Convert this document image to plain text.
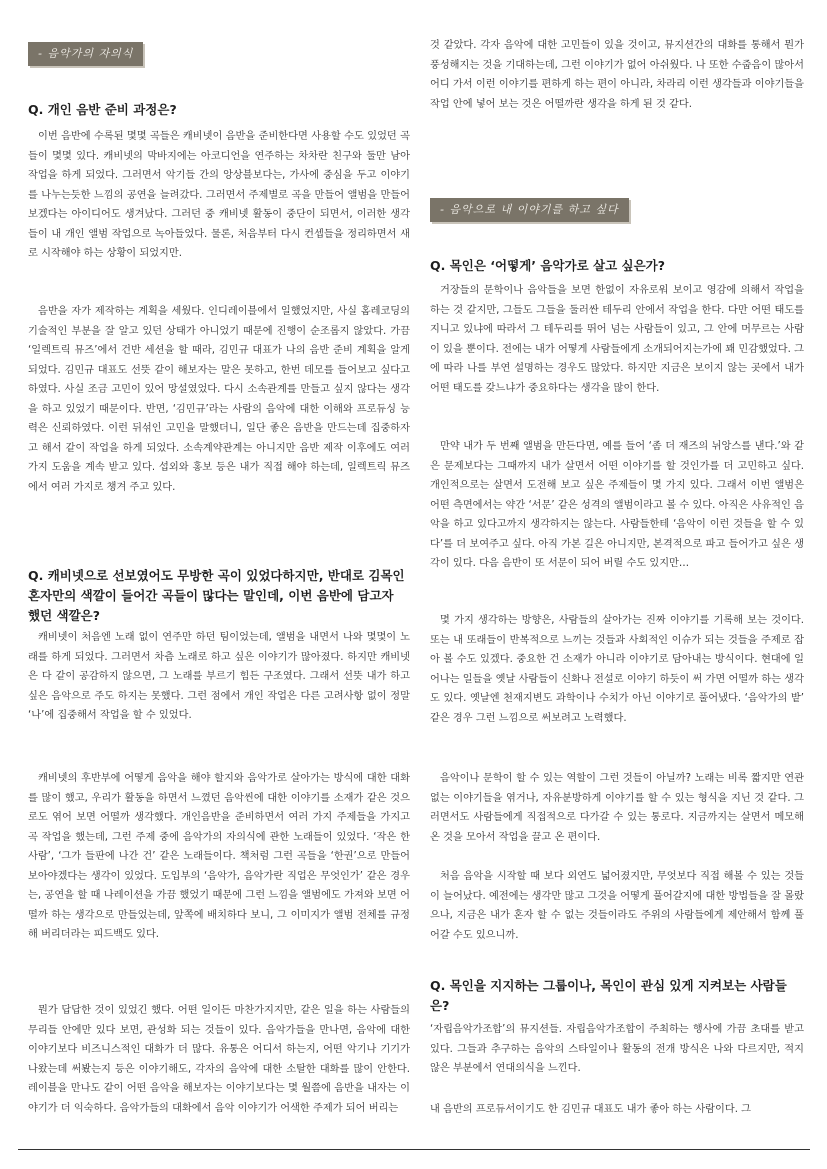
- 음악가의 자의식
Q. 개인 음반 준비 과정은?

이번 음반에 수록된 몇몇 곡들은 캐비넷이 음반을 준비한다면 사용할 수도 있었던 곡들이 몇몇 있다. 캐비넷의 막바지에는 아코디언을 연주하는 차차란 친구와 둘만 남아 작업을 하게 되었다. 그러면서 악기들 간의 앙상블보다는, 가사에 중심을 두고 이야기를 나누는듯한 느낌의 공연을 늘려갔다. 그러면서 주제별로 곡을 만들어 앨범을 만들어 보겠다는 아이디어도 생겨났다. 그러던 중 캐비넷 활동이 중단이 되면서, 이러한 생각들이 내 개인 앨범 작업으로 녹아들었다. 물론, 처음부터 다시 컨셉들을 정리하면서 새로 시작해야 하는 상황이 되었지만.

음반을 자가 제작하는 계획을 세웠다. 인디레이블에서 일했었지만, 사실 홈레코딩의 기술적인 부분을 잘 알고 있던 상태가 아니었기 때문에 진행이 순조롭지 않았다. 가끔 ‘일렉트릭 뮤즈’에서 건반 세션을 할 때라, 김민규 대표가 나의 음반 준비 계획을 알게 되었다. 김민규 대표도 선뜻 같이 해보자는 말은 못하고, 한번 데모를 들어보고 싶다고 하였다. 사실 조금 고민이 있어 망설였었다. 다시 소속관계를 만들고 싶지 않다는 생각을 하고 있었기 때문이다. 반면, ‘김민규’라는 사람의 음악에 대한 이해와 프로듀싱 능력은 신뢰하였다. 이런 뒤섞인 고민을 말했더니, 일단 좋은 음반을 만드는데 집중하자고 해서 같이 작업을 하게 되었다. 소속계약관계는 아니지만 음반 제작 이후에도 여러 가지 도움을 계속 받고 있다. 섭외와 홍보 등은 내가 직접 해야 하는데, 일렉트릭 뮤즈에서 여러 가지로 챙겨 주고 있다.

Q. 캐비넷으로 선보였어도 무방한 곡이 있었다하지만, 반대로 김목인 혼자만의 색깔이 들어간 곡들이 많다는 말인데, 이번 음반에 담고자 했던 색깔은?

캐비넷이 처음엔 노래 없이 연주만 하던 팀이었는데, 앨범을 내면서 나와 몇몇이 노래를 하게 되었다. 그러면서 차츰 노래로 하고 싶은 이야기가 많아졌다. 하지만 캐비넷은 다 같이 공감하지 않으면, 그 노래를 부르기 힘든 구조였다. 그래서 선뜻 내가 하고 싶은 음악으로 주도 하지는 못했다. 그런 점에서 개인 작업은 다른 고려사항 없이 정말 ‘나’에 집중해서 작업을 할 수 있었다.

캐비넷의 후반부에 어떻게 음악을 해야 할지와 음악가로 살아가는 방식에 대한 대화를 많이 했고, 우리가 활동을 하면서 느꼈던 음악씬에 대한 이야기를 소재가 같은 것으로도 엮어 보면 어떨까 생각했다. 개인음반을 준비하면서 여러 가지 주제들을 가지고 곡 작업을 했는데, 그런 주제 중에 음악가의 자의식에 관한 노래들이 있었다. ‘작은 한사람’, ‘그가 들판에 나간 건’ 같은 노래들이다. 책처럼 그런 곡들을 ‘한권’으로 만들어 보아야겠다는 생각이 있었다. 도입부의 ‘음악가, 음악가란 직업은 무엇인가’ 같은 경우는, 공연을 할 때 나레이션을 가끔 했었기 때문에 그런 느낌을 앨범에도 가져와 보면 어떨까 하는 생각으로 만들었는데, 앞쪽에 배치하다 보니, 그 이미지가 앨범 전체를 규정해 버리더라는 피드백도 있다.

뭔가 답답한 것이 있었긴 했다. 어떤 일이든 마찬가지지만, 같은 일을 하는 사람들의 무리들 안에만 있다 보면, 관성화 되는 것들이 있다. 음악가들을 만나면, 음악에 대한 이야기보다 비즈니스적인 대화가 더 많다. 유통은 어디서 하는지, 어떤 악기나 기기가 나왔는데 써봤는지 등은 이야기해도, 각자의 음악에 대한 소탈한 대화를 많이 안한다. 레이블을 만나도 같이 어떤 음악을 해보자는 이야기보다는 몇 월쯤에 음반을 내자는 이야기가 더 익숙하다. 음악가들의 대화에서 음악 이야기가 어색한 주제가 되어 버리는

것 같았다. 각자 음악에 대한 고민들이 있을 것이고, 뮤지션간의 대화를 통해서 뭔가 풍성해지는 것을 기대하는데, 그런 이야기가 없어 아쉬웠다. 나 또한 수줍음이 많아서 어디 가서 이런 이야기를 편하게 하는 편이 아니라, 차라리 이런 생각들과 이야기들을 작업 안에 넣어 보는 것은 어떨까란 생각을 하게 된 것 같다.

- 음악으로 내 이야기를 하고 싶다
Q. 목인은 ‘어떻게’ 음악가로 살고 싶은가?

거장들의 문학이나 음악들을 보면 한없이 자유로워 보이고 영감에 의해서 작업을 하는 것 같지만, 그들도 그들을 둘러싼 테두리 안에서 작업을 한다. 다만 어떤 태도를 지니고 있냐에 따라서 그 테두리를 뛰어 넘는 사람들이 있고, 그 안에 머무르는 사람이 있을 뿐이다. 전에는 내가 어떻게 사람들에게 소개되어지는가에 꽤 민감했었다. 그에 따라 나를 부연 설명하는 경우도 많았다. 하지만 지금은 보이지 않는 곳에서 내가 어떤 태도를 갖느냐가 중요하다는 생각을 많이 한다.

만약 내가 두 번째 앨범을 만든다면, 예를 들어 ‘좀 더 재즈의 뉘앙스를 낸다.’와 같은 문제보다는 그때까지 내가 살면서 어떤 이야기를 할 것인가를 더 고민하고 싶다. 개인적으로는 살면서 도전해 보고 싶은 주제들이 몇 가지 있다. 그래서 이번 앨범은 어떤 측면에서는 약간 ‘서문’ 같은 성격의 앨범이라고 볼 수 있다. 아직은 사유적인 음악을 하고 있다고까지 생각하지는 않는다. 사람들한테 ‘음악이 이런 것들을 할 수 있다’를 더 보여주고 싶다. 아직 가본 길은 아니지만, 본격적으로 파고 들어가고 싶은 생각이 있다. 다음 음반이 또 서문이 되어 버릴 수도 있지만…

몇 가지 생각하는 방향은, 사람들의 살아가는 진짜 이야기를 기록해 보는 것이다. 또는 내 또래들이 반복적으로 느끼는 것들과 사회적인 이슈가 되는 것들을 주제로 잡아 볼 수도 있겠다. 중요한 건 소재가 아니라 이야기로 담아내는 방식이다. 현대에 일어나는 일들을 옛날 사람들이 신화나 전설로 이야기 하듯이 써 가면 어떨까 하는 생각도 있다. 옛날엔 천재지변도 과학이나 수치가 아닌 이야기로 풀어냈다. ‘음악가의 밭’ 같은 경우 그런 느낌으로 써보려고 노력했다.

음악이나 문학이 할 수 있는 역할이 그런 것들이 아닐까? 노래는 비록 짧지만 연관 없는 이야기들을 엮거나, 자유분방하게 이야기를 할 수 있는 형식을 지닌 것 같다. 그러면서도 사람들에게 직접적으로 다가갈 수 있는 통로다. 지금까지는 살면서 메모해온 것을 모아서 작업을 끌고 온 편이다.

처음 음악을 시작할 때 보다 외연도 넓어졌지만, 무엇보다 직접 해볼 수 있는 것들이 늘어났다. 예전에는 생각만 많고 그것을 어떻게 풀어갈지에 대한 방법들을 잘 몰랐으나, 지금은 내가 혼자 할 수 없는 것들이라도 주위의 사람들에게 제안해서 함께 풀어갈 수도 있으니까.

Q. 목인을 지지하는 그룹이나, 목인이 관심 있게 지켜보는 사람들은?

‘자립음악가조합’의 뮤지션들. 자립음악가조합이 주최하는 행사에 가끔 초대를 받고 있다. 그들과 추구하는 음악의 스타일이나 활동의 전개 방식은 나와 다르지만, 적지 않은 부분에서 연대의식을 느낀다.

내 음반의 프로듀서이기도 한 김민규 대표도 내가 좋아 하는 사람이다. 그
